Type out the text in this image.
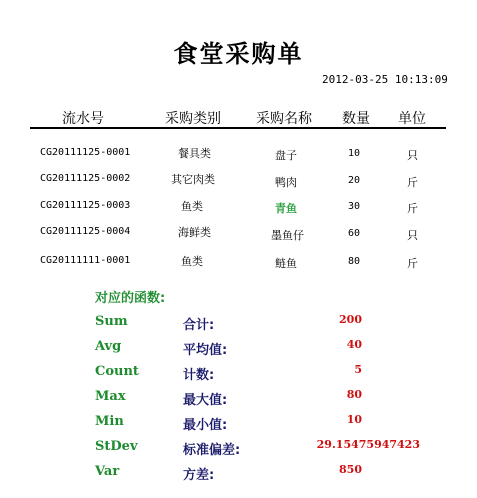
食堂采购单
2012-03-25 10:13:09
流水号	采购类别	采购名称 数量 单位
CG20111125-0001	餐具类	盘子	10	只
CG20111125-0002	其它肉类	鸭肉	20	斤
CG20111125-0003	鱼类	青鱼	30	斤
CG20111125-0004	海鲜类	墨鱼仔	60	只
CG20111111-0001	鱼类	鲢鱼	80	斤
对应的函数:
Sum	合计:	200
Avg	平均值:	40
Count	计数:	5
Max	最大值:	80
Min	最小值:	10
StDev	标准偏差:	29.15475947423
Var	方差:	850
